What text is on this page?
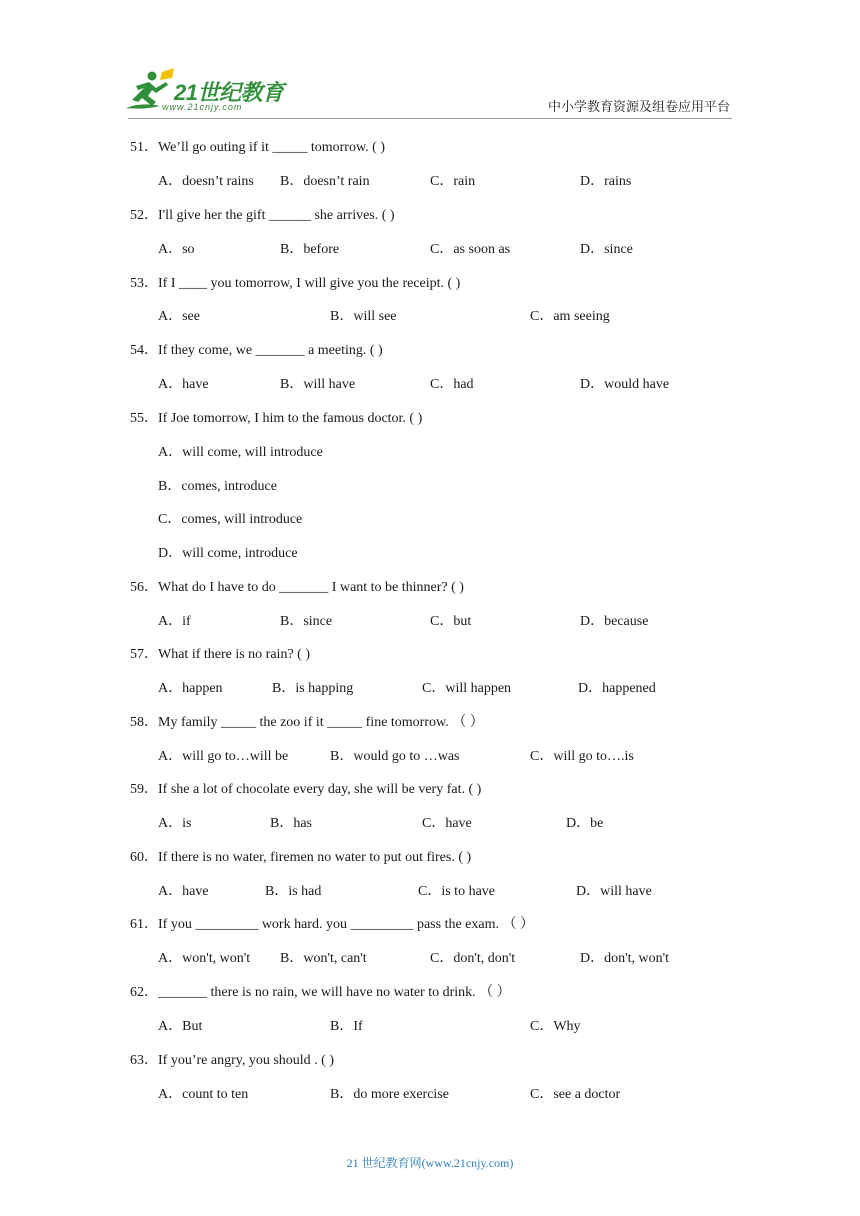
21世纪教育
www.21cnjy.com	中小学教育资源及组卷应用平台
51．We’ll go outing if it _____ tomorrow. ( )
A．doesn’t rains B．doesn’t rain	C．rain	D．rains
52．I'll give her the gift ______ she arrives. ( )
A．so	B．before	C．as soon as	D．since
53．If I ____ you tomorrow, I will give you the receipt. ( )
A．see	B．will see	C．am seeing
54．If they come, we _______ a meeting. ( )
A．have	B．will have	C．had	D．would have
55．If Joe tomorrow, I him to the famous doctor. ( )
A．will come, will introduce
B．comes, introduce
C．comes, will introduce
D．will come, introduce
56．What do I have to do _______ I want to be thinner? ( )
A．if	B．since	C．but	D．because
57．What if there is no rain? ( )
A．happen	B．is happing	C．will happen	D．happened
58．My family _____ the zoo if it _____ fine tomorrow. （ ）
A．will go to…will be	B．would go to …was	C．will go to….is
59．If she a lot of chocolate every day, she will be very fat. ( )
A．is	B．has	C．have	D．be
60．If there is no water, firemen no water to put out fires. ( )
A．have	B．is had	C．is to have	D．will have
61．If you _________ work hard. you _________ pass the exam. （ ）
A．won't, won't B．won't, can't	C．don't, don't	D．don't, won't
62．_______ there is no rain, we will have no water to drink. （ ）
A．But	B．If	C．Why
63．If you’re angry, you should . ( )
A．count to ten	B．do more exercise	C．see a doctor
21 世纪教育网(www.21cnjy.com)
